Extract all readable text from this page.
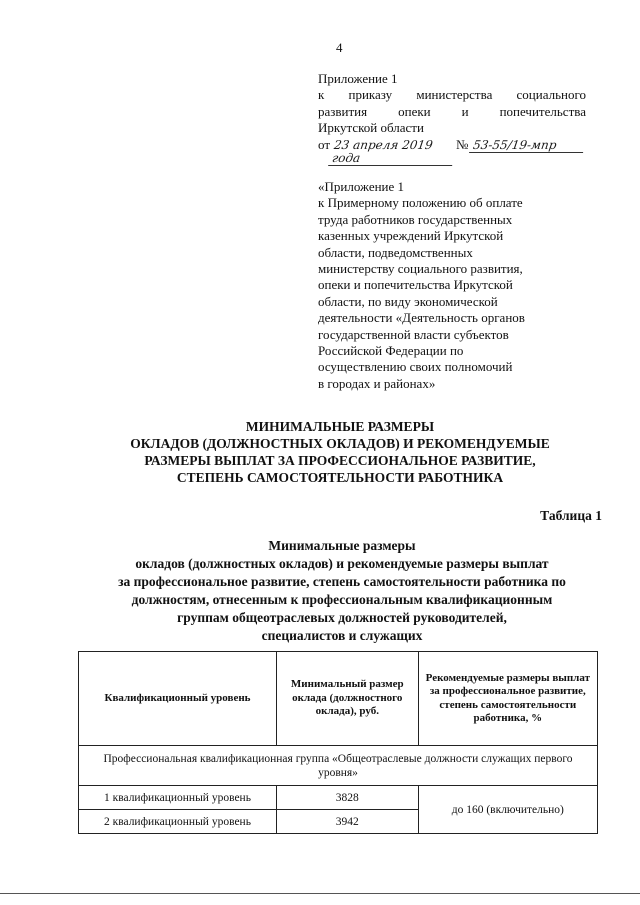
4
Приложение 1
к приказу министерства социального
развития опеки и попечительства
Иркутской области
от 23 апреля 2019 года
№ 53-55/19-мпр
«Приложение 1
к Примерному положению об оплате
труда работников государственных
казенных учреждений Иркутской
области, подведомственных
министерству социального развития,
опеки и попечительства Иркутской
области, по виду экономической
деятельности «Деятельность органов
государственной власти субъектов
Российской Федерации по
осуществлению своих полномочий
в городах и районах»
МИНИМАЛЬНЫЕ РАЗМЕРЫ
ОКЛАДОВ (ДОЛЖНОСТНЫХ ОКЛАДОВ) И РЕКОМЕНДУЕМЫЕ
РАЗМЕРЫ ВЫПЛАТ ЗА ПРОФЕССИОНАЛЬНОЕ РАЗВИТИЕ,
СТЕПЕНЬ САМОСТОЯТЕЛЬНОСТИ РАБОТНИКА
Таблица 1
Минимальные размеры
окладов (должностных окладов) и рекомендуемые размеры выплат
за профессиональное развитие, степень самостоятельности работника по
должностям, отнесенным к профессиональным квалификационным
группам общеотраслевых должностей руководителей,
специалистов и служащих
Квалификационный уровень	Минимальный размер оклада (должностного оклада), руб.	Рекомендуемые размеры выплат за профессиональное развитие, степень самостоятельности работника, %
Профессиональная квалификационная группа «Общеотраслевые должности служащих первого уровня»		
1 квалификационный уровень	3828	до 160 (включительно)
2 квалификационный уровень	3942	
